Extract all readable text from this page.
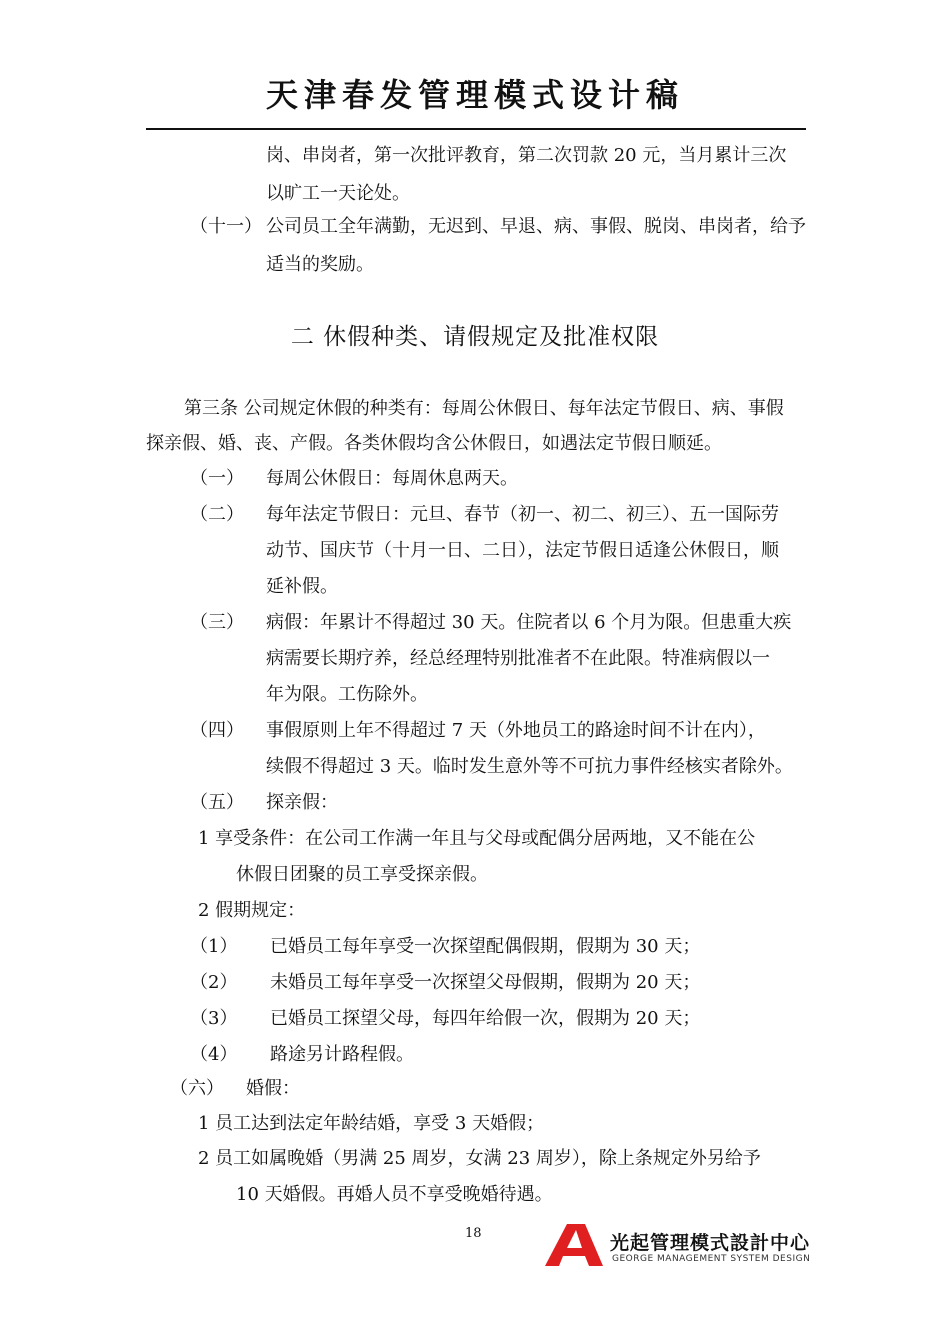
天津春发管理模式设计稿
岗、串岗者，第一次批评教育，第二次罚款 20 元，当月累计三次
以旷工一天论处。
（十一） 公司员工全年满勤，无迟到、早退、病、事假、脱岗、串岗者，给予
适当的奖励。
二 休假种类、请假规定及批准权限
第三条 公司规定休假的种类有：每周公休假日、每年法定节假日、病、事假
探亲假、婚、丧、产假。各类休假均含公休假日，如遇法定节假日顺延。
（一） 每周公休假日：每周休息两天。
（二） 每年法定节假日：元旦、春节（初一、初二、初三）、五一国际劳
动节、国庆节（十月一日、二日），法定节假日适逢公休假日，顺
延补假。
（三） 病假：年累计不得超过 30 天。住院者以 6 个月为限。但患重大疾
病需要长期疗养，经总经理特别批准者不在此限。特准病假以一
年为限。工伤除外。
（四） 事假原则上年不得超过 7 天（外地员工的路途时间不计在内），
续假不得超过 3 天。临时发生意外等不可抗力事件经核实者除外。
（五） 探亲假：
1 享受条件：在公司工作满一年且与父母或配偶分居两地，又不能在公
休假日团聚的员工享受探亲假。
2 假期规定：
（1） 已婚员工每年享受一次探望配偶假期，假期为 30 天；
（2） 未婚员工每年享受一次探望父母假期，假期为 20 天；
（3） 已婚员工探望父母，每四年给假一次，假期为 20 天；
（4） 路途另计路程假。
（六） 婚假：
1 员工达到法定年龄结婚，享受 3 天婚假；
2 员工如属晚婚（男满 25 周岁，女满 23 周岁），除上条规定外另给予
10 天婚假。再婚人员不享受晚婚待遇。
18	光起管理模式設計中心
GEORGE MANAGEMENT SYSTEM DESIGN
